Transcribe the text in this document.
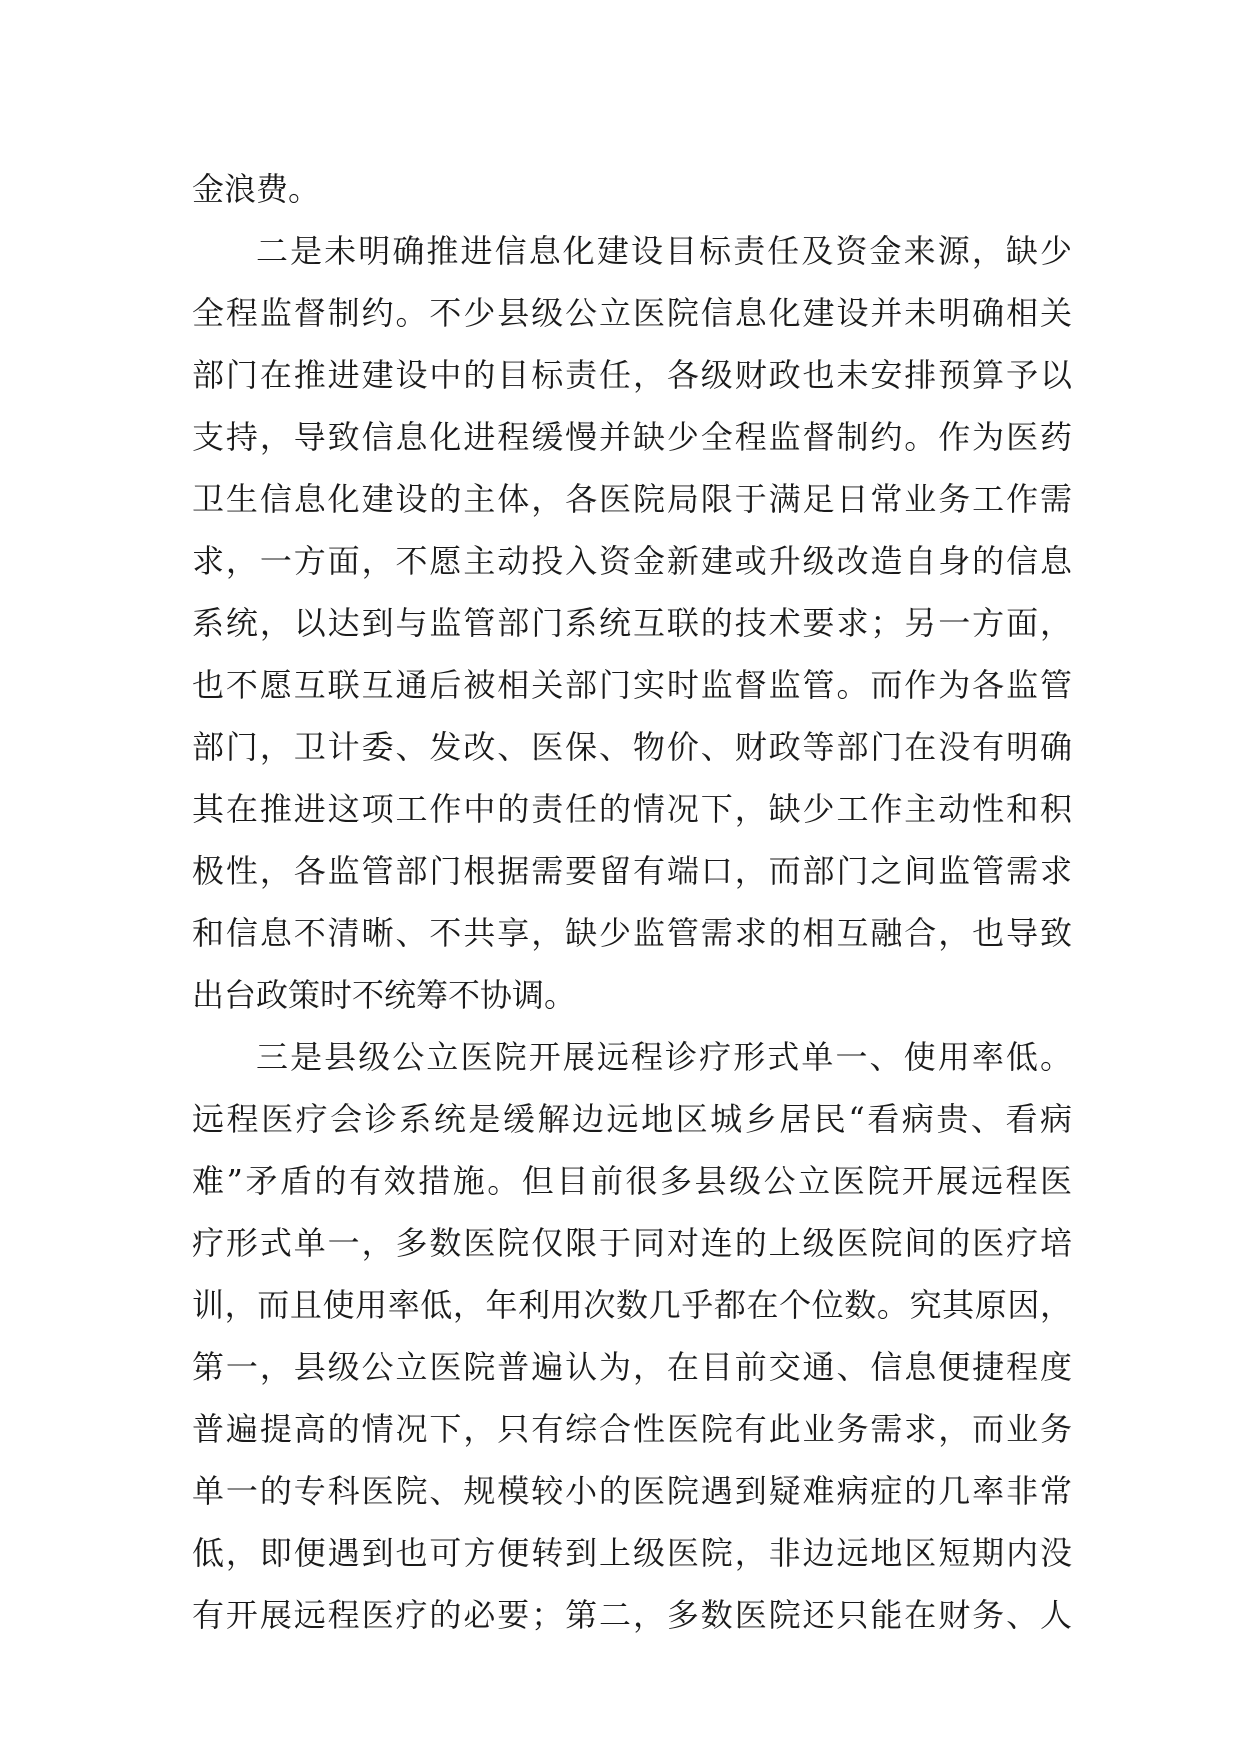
金浪费。
二是未明确推进信息化建设目标责任及资金来源，缺少
全程监督制约。不少县级公立医院信息化建设并未明确相关
部门在推进建设中的目标责任，各级财政也未安排预算予以
支持，导致信息化进程缓慢并缺少全程监督制约。作为医药
卫生信息化建设的主体，各医院局限于满足日常业务工作需
求，一方面，不愿主动投入资金新建或升级改造自身的信息
系统，以达到与监管部门系统互联的技术要求；另一方面，
也不愿互联互通后被相关部门实时监督监管。而作为各监管
部门，卫计委、发改、医保、物价、财政等部门在没有明确
其在推进这项工作中的责任的情况下，缺少工作主动性和积
极性，各监管部门根据需要留有端口，而部门之间监管需求
和信息不清晰、不共享，缺少监管需求的相互融合，也导致
出台政策时不统筹不协调。
三是县级公立医院开展远程诊疗形式单一、使用率低。
远程医疗会诊系统是缓解边远地区城乡居民“看病贵、看病
难”矛盾的有效措施。但目前很多县级公立医院开展远程医
疗形式单一，多数医院仅限于同对连的上级医院间的医疗培
训，而且使用率低，年利用次数几乎都在个位数。究其原因，
第一，县级公立医院普遍认为，在目前交通、信息便捷程度
普遍提高的情况下，只有综合性医院有此业务需求，而业务
单一的专科医院、规模较小的医院遇到疑难病症的几率非常
低，即便遇到也可方便转到上级医院，非边远地区短期内没
有开展远程医疗的必要；第二，多数医院还只能在财务、人
